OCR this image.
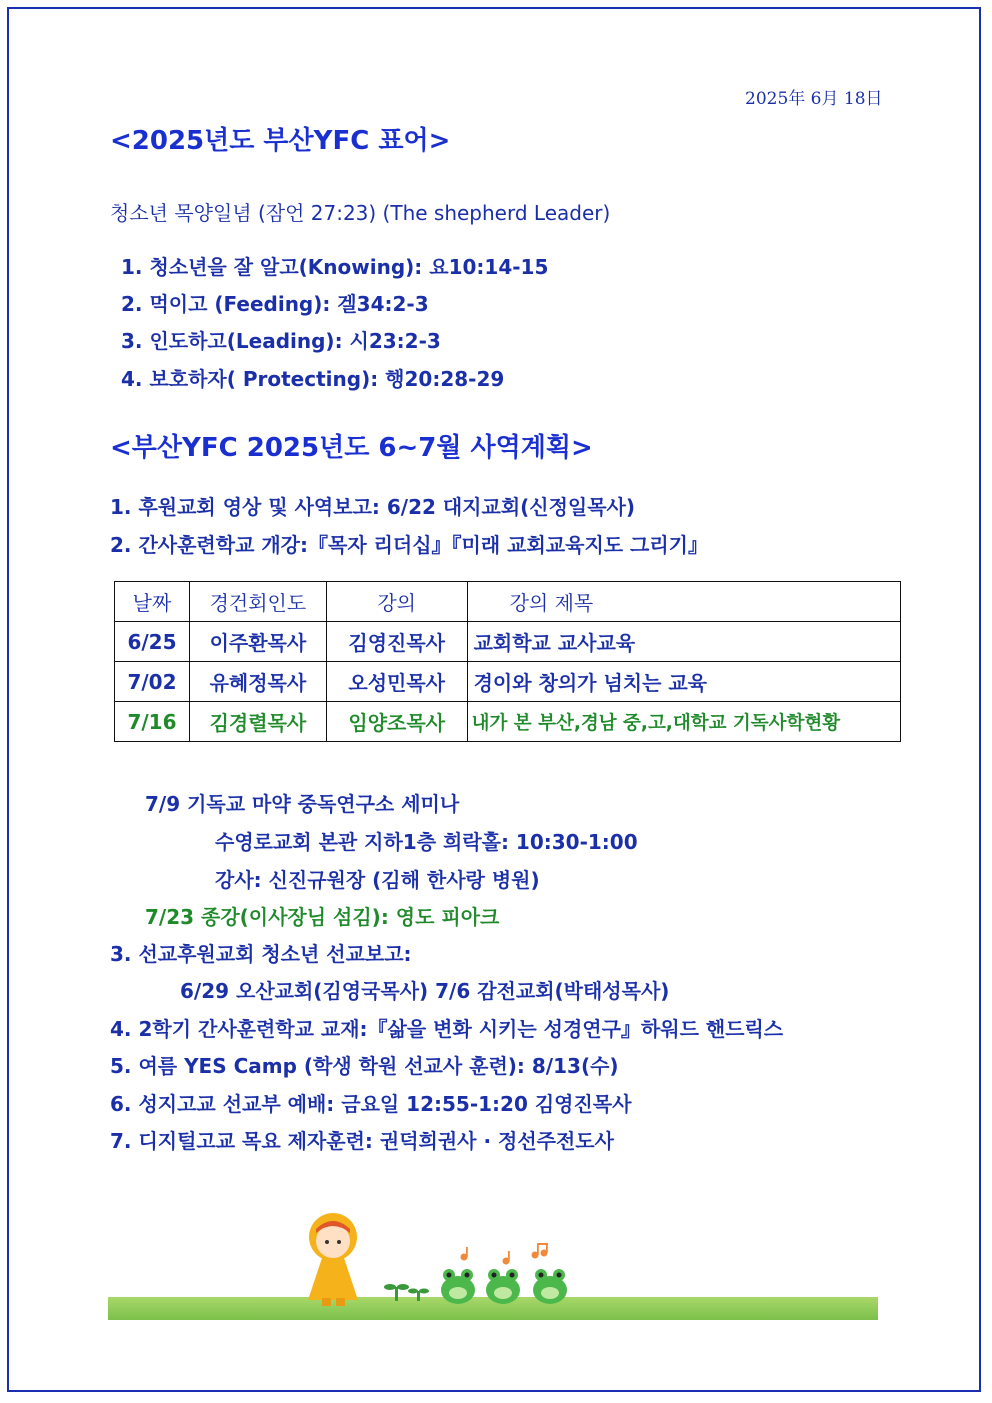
2025年 6月 18日
<2025년도 부산YFC 표어>
청소년 목양일념 (잠언 27:23) (The shepherd Leader)
1. 청소년을 잘 알고(Knowing): 요10:14-15
2. 먹이고 (Feeding): 겔34:2-3
3. 인도하고(Leading): 시23:2-3
4. 보호하자( Protecting): 행20:28-29
<부산YFC 2025년도 6~7월 사역계획>
1. 후원교회 영상 및 사역보고: 6/22 대지교회(신정일목사)
2. 간사훈련학교 개강:『목자 리더십』『미래 교회교육지도 그리기』
날짜	경건회인도	강의	강의 제목
6/25	이주환목사	김영진목사	교회학교 교사교육
7/02	유혜정목사	오성민목사	경이와 창의가 넘치는 교육
7/16	김경렬목사	임양조목사	내가 본 부산,경남 중,고,대학교 기독사학현황
7/9 기독교 마약 중독연구소 세미나
수영로교회 본관 지하1층 희락홀: 10:30-1:00
강사: 신진규원장 (김해 한사랑 병원)
7/23 종강(이사장님 섬김): 영도 피아크
3. 선교후원교회 청소년 선교보고:
6/29 오산교회(김영국목사) 7/6 감전교회(박태성목사)
4. 2학기 간사훈련학교 교재:『삶을 변화 시키는 성경연구』하워드 핸드릭스
5. 여름 YES Camp (학생 학원 선교사 훈련): 8/13(수)
6. 성지고교 선교부 예배: 금요일 12:55-1:20 김영진목사
7. 디지털고교 목요 제자훈련: 권덕희권사 · 정선주전도사
